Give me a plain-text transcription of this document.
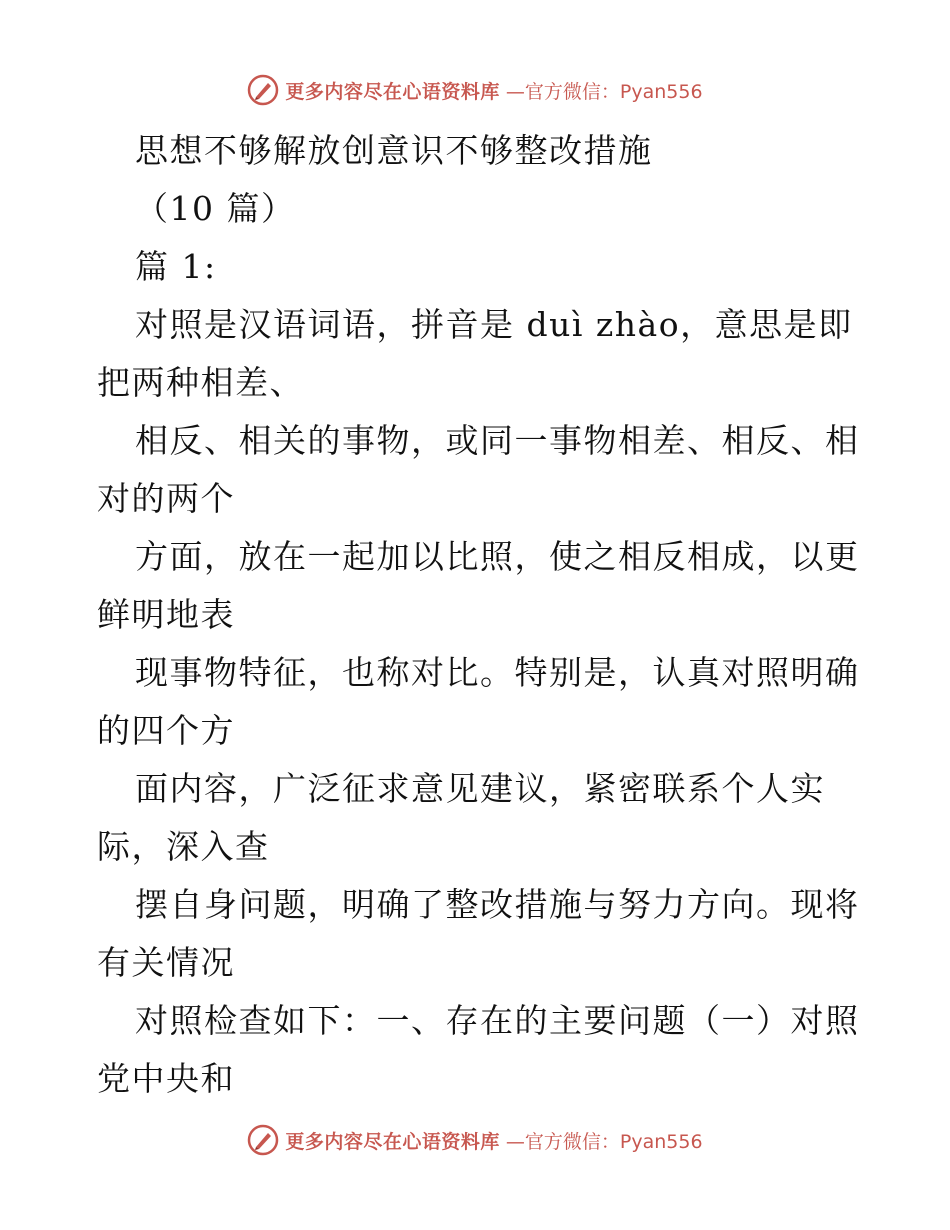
更多内容尽在心语资料库 —官方微信：Pyan556
思想不够解放创意识不够整改措施
（10 篇）
篇 1:
对照是汉语词语，拼音是 duì zhào，意思是即
把两种相差、
相反、相关的事物，或同一事物相差、相反、相
对的两个
方面，放在一起加以比照，使之相反相成，以更
鲜明地表
现事物特征，也称对比。特别是，认真对照明确
的四个方
面内容，广泛征求意见建议，紧密联系个人实
际，深入查
摆自身问题，明确了整改措施与努力方向。现将
有关情况
对照检查如下：一、存在的主要问题（一）对照
党中央和
更多内容尽在心语资料库 —官方微信：Pyan556
